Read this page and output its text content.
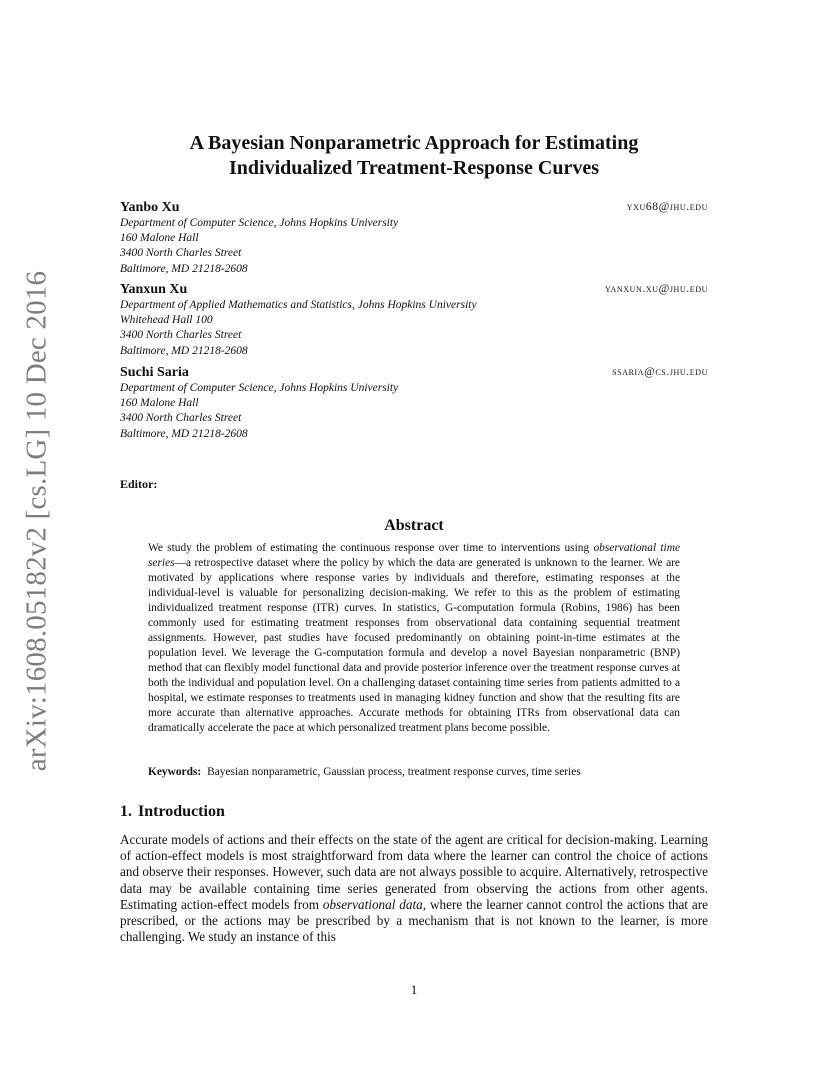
arXiv:1608.05182v2 [cs.LG] 10 Dec 2016
A Bayesian Nonparametric Approach for Estimating
Individualized Treatment-Response Curves
Yanbo Xu	yxu68@jhu.edu
Department of Computer Science, Johns Hopkins University
160 Malone Hall
3400 North Charles Street
Baltimore, MD 21218-2608
Yanxun Xu	yanxun.xu@jhu.edu
Department of Applied Mathematics and Statistics, Johns Hopkins University
Whitehead Hall 100
3400 North Charles Street
Baltimore, MD 21218-2608
Suchi Saria	ssaria@cs.jhu.edu
Department of Computer Science, Johns Hopkins University
160 Malone Hall
3400 North Charles Street
Baltimore, MD 21218-2608
Editor:
Abstract
We study the problem of estimating the continuous response over time to interventions using observational time series—a retrospective dataset where the policy by which the data are generated is unknown to the learner. We are motivated by applications where response varies by individuals and therefore, estimating responses at the individual-level is valuable for personalizing decision-making. We refer to this as the problem of estimating individualized treatment response (ITR) curves. In statistics, G-computation formula (Robins, 1986) has been commonly used for estimating treatment responses from observational data containing sequential treatment assignments. However, past studies have focused predominantly on obtaining point-in-time estimates at the population level. We leverage the G-computation formula and develop a novel Bayesian nonparametric (BNP) method that can flexibly model functional data and provide posterior inference over the treatment response curves at both the individual and population level. On a challenging dataset containing time series from patients admitted to a hospital, we estimate responses to treatments used in managing kidney function and show that the resulting fits are more accurate than alternative approaches. Accurate methods for obtaining ITRs from observational data can dramatically accelerate the pace at which personalized treatment plans become possible.
Keywords: Bayesian nonparametric, Gaussian process, treatment response curves, time series
1. Introduction
Accurate models of actions and their effects on the state of the agent are critical for decision-making. Learning of action-effect models is most straightforward from data where the learner can control the choice of actions and observe their responses. However, such data are not always possible to acquire. Alternatively, retrospective data may be available containing time series generated from observing the actions from other agents. Estimating action-effect models from observational data, where the learner cannot control the actions that are prescribed, or the actions may be prescribed by a mechanism that is not known to the learner, is more challenging. We study an instance of this
1
